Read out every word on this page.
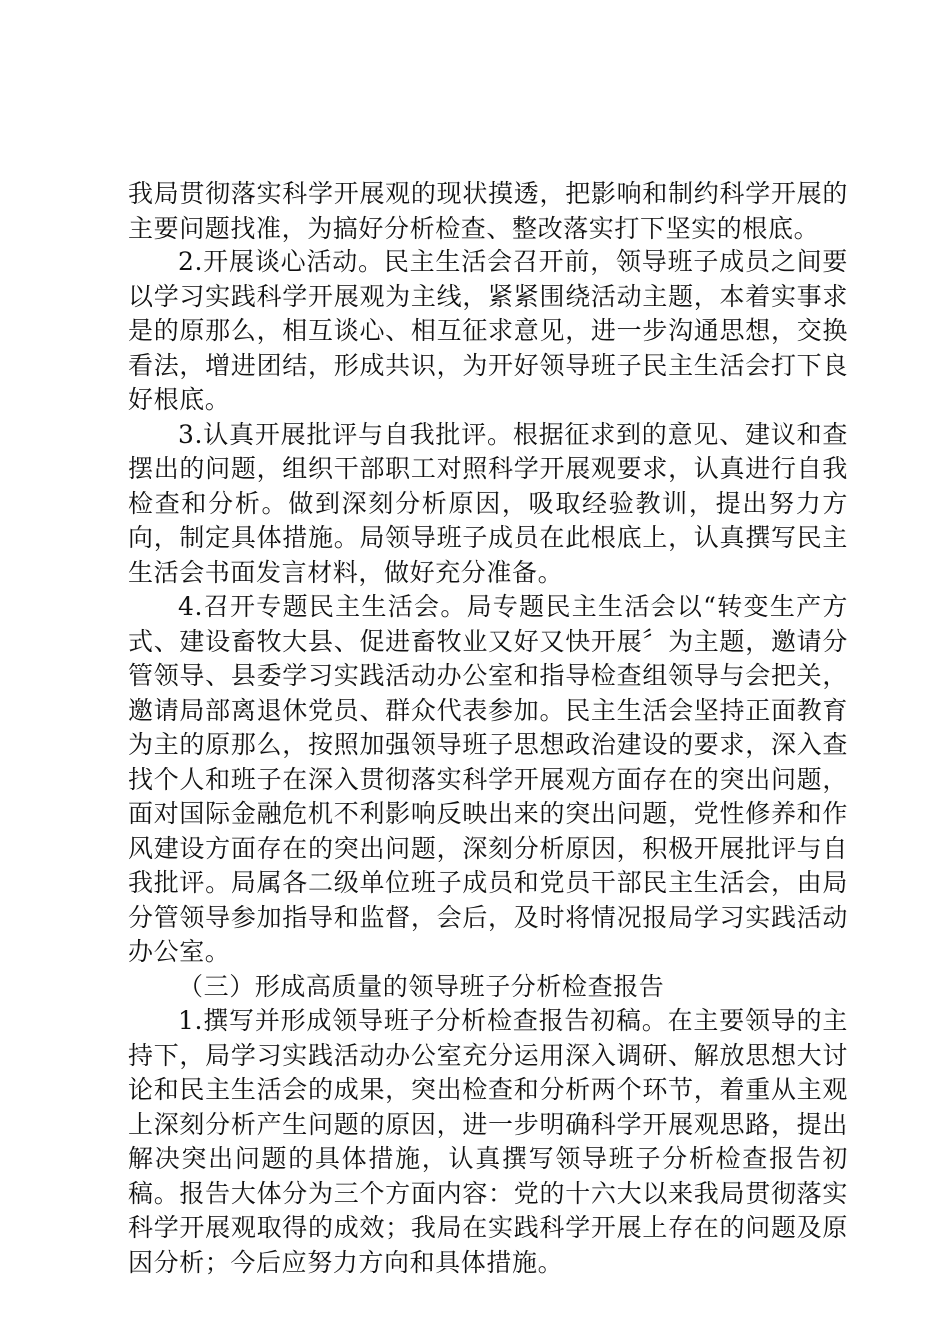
我局贯彻落实科学开展观的现状摸透，把影响和制约科学开展的主要问题找准，为搞好分析检查、整改落实打下坚实的根底。

2.开展谈心活动。民主生活会召开前，领导班子成员之间要以学习实践科学开展观为主线，紧紧围绕活动主题，本着实事求是的原那么，相互谈心、相互征求意见，进一步沟通思想，交换看法，增进团结，形成共识，为开好领导班子民主生活会打下良好根底。

3.认真开展批评与自我批评。根据征求到的意见、建议和查摆出的问题，组织干部职工对照科学开展观要求，认真进行自我检查和分析。做到深刻分析原因，吸取经验教训，提出努力方向，制定具体措施。局领导班子成员在此根底上，认真撰写民主生活会书面发言材料，做好充分准备。

4.召开专题民主生活会。局专题民主生活会以“转变生产方式、建设畜牧大县、促进畜牧业又好又快开展〞为主题，邀请分管领导、县委学习实践活动办公室和指导检查组领导与会把关，邀请局部离退休党员、群众代表参加。民主生活会坚持正面教育为主的原那么，按照加强领导班子思想政治建设的要求，深入查找个人和班子在深入贯彻落实科学开展观方面存在的突出问题，面对国际金融危机不利影响反映出来的突出问题，党性修养和作风建设方面存在的突出问题，深刻分析原因，积极开展批评与自我批评。局属各二级单位班子成员和党员干部民主生活会，由局分管领导参加指导和监督，会后，及时将情况报局学习实践活动办公室。

（三）形成高质量的领导班子分析检查报告

1.撰写并形成领导班子分析检查报告初稿。在主要领导的主持下，局学习实践活动办公室充分运用深入调研、解放思想大讨论和民主生活会的成果，突出检查和分析两个环节，着重从主观上深刻分析产生问题的原因，进一步明确科学开展观思路，提出解决突出问题的具体措施，认真撰写领导班子分析检查报告初稿。报告大体分为三个方面内容：党的十六大以来我局贯彻落实科学开展观取得的成效；我局在实践科学开展上存在的问题及原因分析；今后应努力方向和具体措施。
